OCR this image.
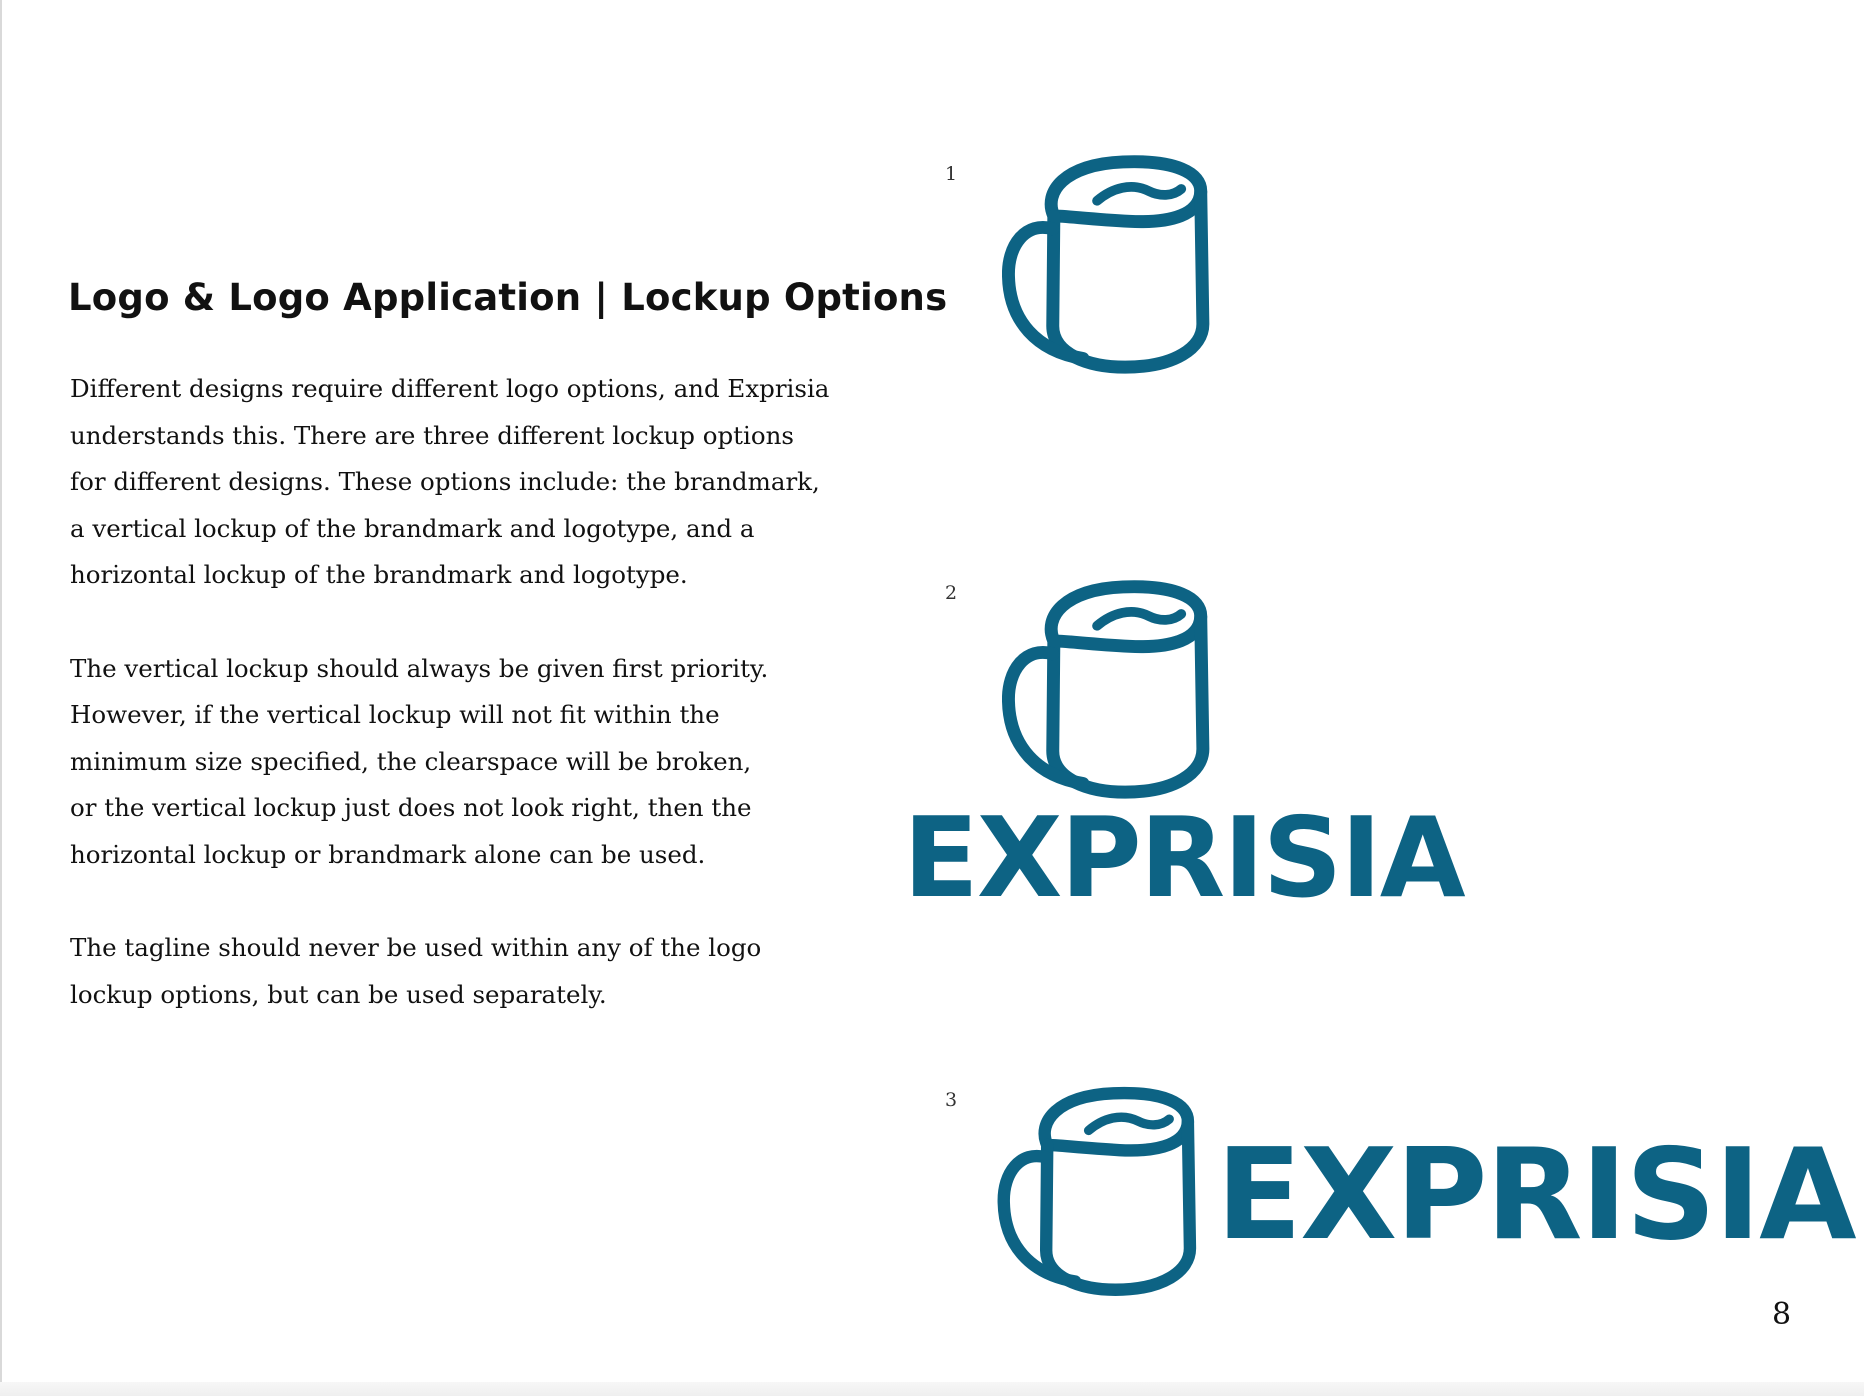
Logo & Logo Application | Lockup Options

Different designs require different logo options, and Exprisia
understands this. There are three different lockup options
for different designs. These options include: the brandmark,
a vertical lockup of the brandmark and logotype, and a
horizontal lockup of the brandmark and logotype.

The vertical lockup should always be given first priority.
However, if the vertical lockup will not fit within the
minimum size specified, the clearspace will be broken,
or the vertical lockup just does not look right, then the
horizontal lockup or brandmark alone can be used.

The tagline should never be used within any of the logo
lockup options, but can be used separately.

1
2
EXPRISIA
3
EXPRISIA
8
